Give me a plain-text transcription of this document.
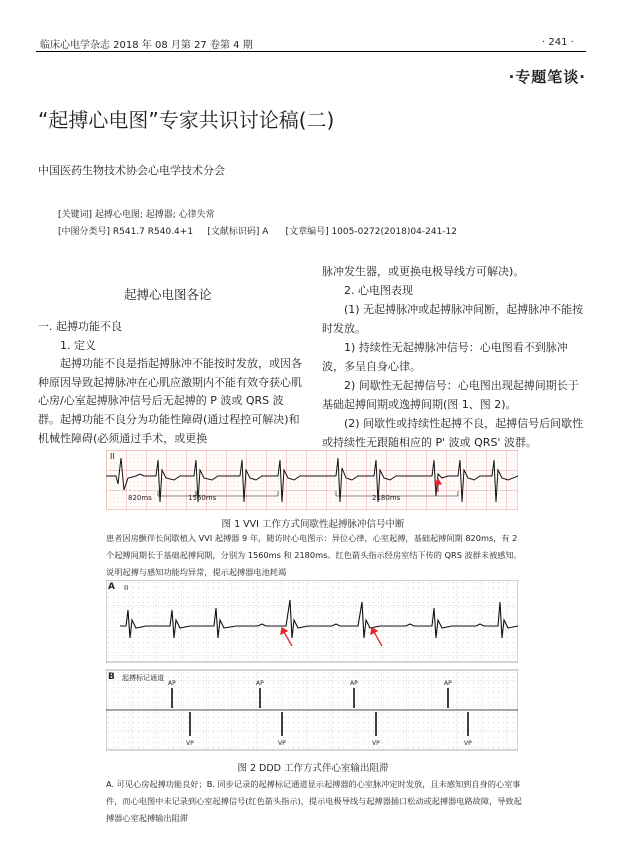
临床心电学杂志 2018 年 08 月第 27 卷第 4 期	· 241 ·
·专题笔谈·
“起搏心电图”专家共识讨论稿(二)
中国医药生物技术协会心电学技术分会
[关键词] 起搏心电图; 起搏器; 心律失常
[中图分类号] R541.7 R540.4+1     [文献标识码] A      [文章编号] 1005-0272(2018)04-241-12
起搏心电图各论

一. 起搏功能不良

1. 定义

起搏功能不良是指起搏脉冲不能按时发放，或因各种原因导致起搏脉冲在心肌应激期内不能有效夺获心肌 心房/心室起搏脉冲信号后无起搏的 P 波或 QRS 波群。起搏功能不良分为功能性障碍(通过程控可解决)和机械性障碍(必须通过手术，或更换

脉冲发生器，或更换电极导线方可解决)。

2. 心电图表现

(1) 无起搏脉冲或起搏脉冲间断，起搏脉冲不能按时发放。

1) 持续性无起搏脉冲信号：心电图看不到脉冲波，多呈自身心律。

2) 间歇性无起搏信号：心电图出现起搏间期长于基础起搏间期或逸搏间期(图 1、图 2)。

(2) 间歇性或持续性起搏不良，起搏信号后间歇性或持续性无跟随相应的 P' 波或 QRS' 波群。

II
820ms	1560ms	2180ms
图 1 VVI 工作方式间歇性起搏脉冲信号中断
患者因房颤伴长间歇植入 VVI 起搏器 9 年，随访时心电图示：异位心律，心室起搏，基础起搏间期 820ms，有 2 个起搏间期长于基础起搏间期，分别为 1560ms 和 2180ms。红色箭头指示经房室结下传的 QRS 波群未被感知。说明起搏与感知功能均异常，提示起搏器电池耗竭
A II
B 起搏标记通道
AP	AP	AP	AP
VP	VP	VP	VP
图 2 DDD 工作方式伴心室输出阻滞
A. 可见心房起搏功能良好；B. 同步记录的起搏标记通道显示起搏器的心室脉冲定时发放，且未感知到自身的心室事件，而心电图中未记录到心室起搏信号(红色箭头指示)，提示电极导线与起搏器插口松动或起搏器电路故障，导致起搏器心室起搏输出阻滞
